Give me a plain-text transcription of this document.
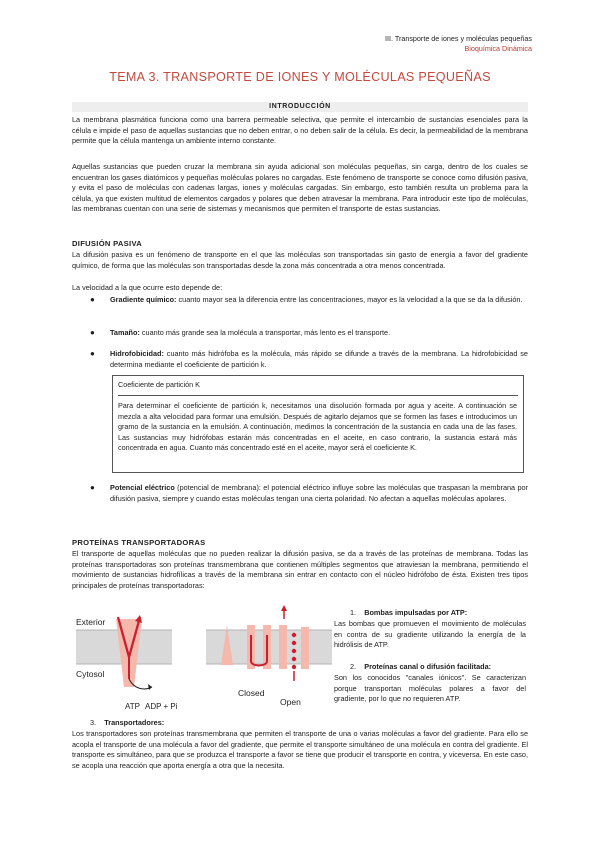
III. Transporte de iones y moléculas pequeñas
Bioquímica Dinámica
TEMA 3. TRANSPORTE DE IONES Y MOLÉCULAS PEQUEÑAS
INTRODUCCIÓN
La membrana plasmática funciona como una barrera permeable selectiva, que permite el intercambio de sustancias esenciales para la célula e impide el paso de aquellas sustancias que no deben entrar, o no deben salir de la célula. Es decir, la permeabilidad de la membrana permite que la célula mantenga un ambiente interno constante.
Aquellas sustancias que pueden cruzar la membrana sin ayuda adicional son moléculas pequeñas, sin carga, dentro de los cuales se encuentran los gases diatómicos y pequeñas moléculas polares no cargadas. Este fenómeno de transporte se conoce como difusión pasiva, y evita el paso de moléculas con cadenas largas, iones y moléculas cargadas. Sin embargo, esto también resulta un problema para la célula, ya que existen multitud de elementos cargados y polares que deben atravesar la membrana. Para introducir este tipo de moléculas, las membranas cuentan con una serie de sistemas y mecanismos que permiten el transporte de estas sustancias.
DIFUSIÓN PASIVA
La difusión pasiva es un fenómeno de transporte en el que las moléculas son transportadas sin gasto de energía a favor del gradiente químico, de forma que las moléculas son transportadas desde la zona más concentrada a otra menos concentrada.
La velocidad a la que ocurre esto depende de:
● Gradiente químico: cuanto mayor sea la diferencia entre las concentraciones, mayor es la velocidad a la que se da la difusión.
● Tamaño: cuanto más grande sea la molécula a transportar, más lento es el transporte.
● Hidrofobicidad: cuanto más hidrófoba es la molécula, más rápido se difunde a través de la membrana. La hidrofobicidad se determina mediante el coeficiente de partición k.
Coeficiente de partición K
Para determinar el coeficiente de partición k, necesitamos una disolución formada por agua y aceite. A continuación se mezcla a alta velocidad para formar una emulsión. Después de agitarlo dejamos que se formen las fases e introducimos un gramo de la sustancia en la emulsión. A continuación, medimos la concentración de la sustancia en cada una de las fases. Las sustancias muy hidrófobas estarán más concentradas en el aceite, en caso contrario, la sustancia estará más concentrada en agua. Cuanto más concentrado esté en el aceite, mayor será el coeficiente K.
● Potencial eléctrico (potencial de membrana): el potencial eléctrico influye sobre las moléculas que traspasan la membrana por difusión pasiva, siempre y cuando estas moléculas tengan una cierta polaridad. No afectan a aquellas moléculas apolares.
PROTEÍNAS TRANSPORTADORAS
El transporte de aquellas moléculas que no pueden realizar la difusión pasiva, se da a través de las proteínas de membrana. Todas las proteínas transportadoras son proteínas transmembrana que contienen múltiples segmentos que atraviesan la membrana, permitiendo el movimiento de sustancias hidrofílicas a través de la membrana sin entrar en contacto con el núcleo hidrófobo de ésta. Existen tres tipos principales de proteínas transportadoras:
Exterior
Cytosol
ATP ADP + Pi
Closed
Open
1. Bombas impulsadas por ATP:
Las bombas que promueven el movimiento de moléculas en contra de su gradiente utilizando la energía de la hidrólisis de ATP.
2. Proteínas canal o difusión facilitada:
Son los conocidos "canales iónicos". Se caracterizan porque transportan moléculas polares a favor del gradiente, por lo que no requieren ATP.
3. Transportadores:
Los transportadores son proteínas transmembrana que permiten el transporte de una o varias moléculas a favor del gradiente. Para ello se acopla el transporte de una molécula a favor del gradiente, que permite el transporte simultáneo de una molécula en contra del gradiente. El transporte es simultáneo, para que se produzca el transporte a favor se tiene que producir el transporte en contra, y viceversa. En este caso, se acopla una reacción que aporta energía a otra que la necesita.
